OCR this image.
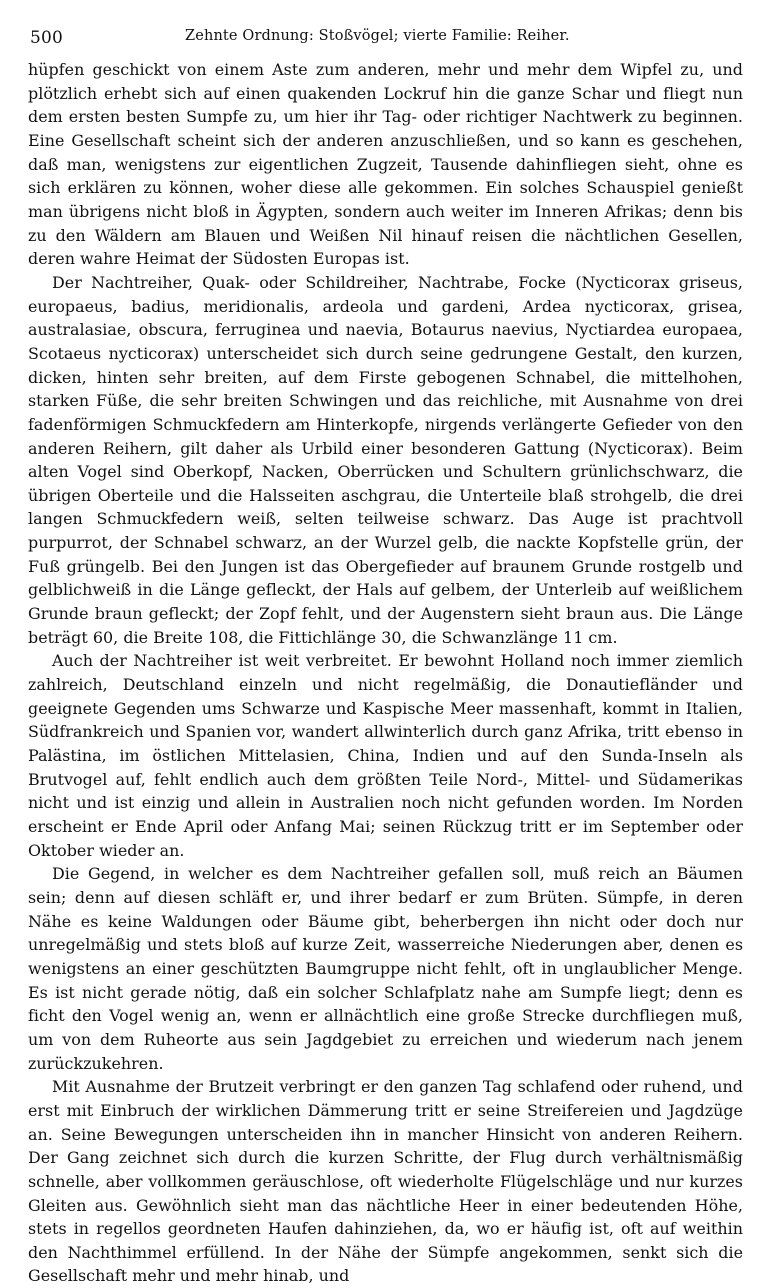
500	Zehnte Ordnung: Stoßvögel; vierte Familie: Reiher.

hüpfen geschickt von einem Aste zum anderen, mehr und mehr dem Wipfel zu, und plötzlich erhebt sich auf einen quakenden Lockruf hin die ganze Schar und fliegt nun dem ersten besten Sumpfe zu, um hier ihr Tag- oder richtiger Nachtwerk zu beginnen. Eine Gesellschaft scheint sich der anderen anzuschließen, und so kann es geschehen, daß man, wenigstens zur eigentlichen Zugzeit, Tausende dahinfliegen sieht, ohne es sich erklären zu können, woher diese alle gekommen. Ein solches Schauspiel genießt man übrigens nicht bloß in Ägypten, sondern auch weiter im Inneren Afrikas; denn bis zu den Wäldern am Blauen und Weißen Nil hinauf reisen die nächtlichen Gesellen, deren wahre Heimat der Südosten Europas ist.

Der Nachtreiher, Quak- oder Schildreiher, Nachtrabe, Focke (Nycticorax griseus, europaeus, badius, meridionalis, ardeola und gardeni, Ardea nycticorax, grisea, australasiae, obscura, ferruginea und naevia, Botaurus naevius, Nyctiardea europaea, Scotaeus nycticorax) unterscheidet sich durch seine gedrungene Gestalt, den kurzen, dicken, hinten sehr breiten, auf dem Firste gebogenen Schnabel, die mittelhohen, starken Füße, die sehr breiten Schwingen und das reichliche, mit Ausnahme von drei fadenförmigen Schmuckfedern am Hinterkopfe, nirgends verlängerte Gefieder von den anderen Reihern, gilt daher als Urbild einer besonderen Gattung (Nycticorax). Beim alten Vogel sind Oberkopf, Nacken, Oberrücken und Schultern grünlichschwarz, die übrigen Oberteile und die Halsseiten aschgrau, die Unterteile blaß strohgelb, die drei langen Schmuckfedern weiß, selten teilweise schwarz. Das Auge ist prachtvoll purpurrot, der Schnabel schwarz, an der Wurzel gelb, die nackte Kopfstelle grün, der Fuß grüngelb. Bei den Jungen ist das Obergefieder auf braunem Grunde rostgelb und gelblichweiß in die Länge gefleckt, der Hals auf gelbem, der Unterleib auf weißlichem Grunde braun gefleckt; der Zopf fehlt, und der Augenstern sieht braun aus. Die Länge beträgt 60, die Breite 108, die Fittichlänge 30, die Schwanzlänge 11 cm.

Auch der Nachtreiher ist weit verbreitet. Er bewohnt Holland noch immer ziemlich zahlreich, Deutschland einzeln und nicht regelmäßig, die Donautiefländer und geeignete Gegenden ums Schwarze und Kaspische Meer massenhaft, kommt in Italien, Südfrankreich und Spanien vor, wandert allwinterlich durch ganz Afrika, tritt ebenso in Palästina, im östlichen Mittelasien, China, Indien und auf den Sunda-Inseln als Brutvogel auf, fehlt endlich auch dem größten Teile Nord-, Mittel- und Südamerikas nicht und ist einzig und allein in Australien noch nicht gefunden worden. Im Norden erscheint er Ende April oder Anfang Mai; seinen Rückzug tritt er im September oder Oktober wieder an.

Die Gegend, in welcher es dem Nachtreiher gefallen soll, muß reich an Bäumen sein; denn auf diesen schläft er, und ihrer bedarf er zum Brüten. Sümpfe, in deren Nähe es keine Waldungen oder Bäume gibt, beherbergen ihn nicht oder doch nur unregelmäßig und stets bloß auf kurze Zeit, wasserreiche Niederungen aber, denen es wenigstens an einer geschützten Baumgruppe nicht fehlt, oft in unglaublicher Menge. Es ist nicht gerade nötig, daß ein solcher Schlafplatz nahe am Sumpfe liegt; denn es ficht den Vogel wenig an, wenn er allnächtlich eine große Strecke durchfliegen muß, um von dem Ruheorte aus sein Jagdgebiet zu erreichen und wiederum nach jenem zurückzukehren.

Mit Ausnahme der Brutzeit verbringt er den ganzen Tag schlafend oder ruhend, und erst mit Einbruch der wirklichen Dämmerung tritt er seine Streifereien und Jagdzüge an. Seine Bewegungen unterscheiden ihn in mancher Hinsicht von anderen Reihern. Der Gang zeichnet sich durch die kurzen Schritte, der Flug durch verhältnismäßig schnelle, aber vollkommen geräuschlose, oft wiederholte Flügelschläge und nur kurzes Gleiten aus. Gewöhnlich sieht man das nächtliche Heer in einer bedeutenden Höhe, stets in regellos geordneten Haufen dahinziehen, da, wo er häufig ist, oft auf weithin den Nachthimmel erfüllend. In der Nähe der Sümpfe angekommen, senkt sich die Gesellschaft mehr und mehr hinab, und
